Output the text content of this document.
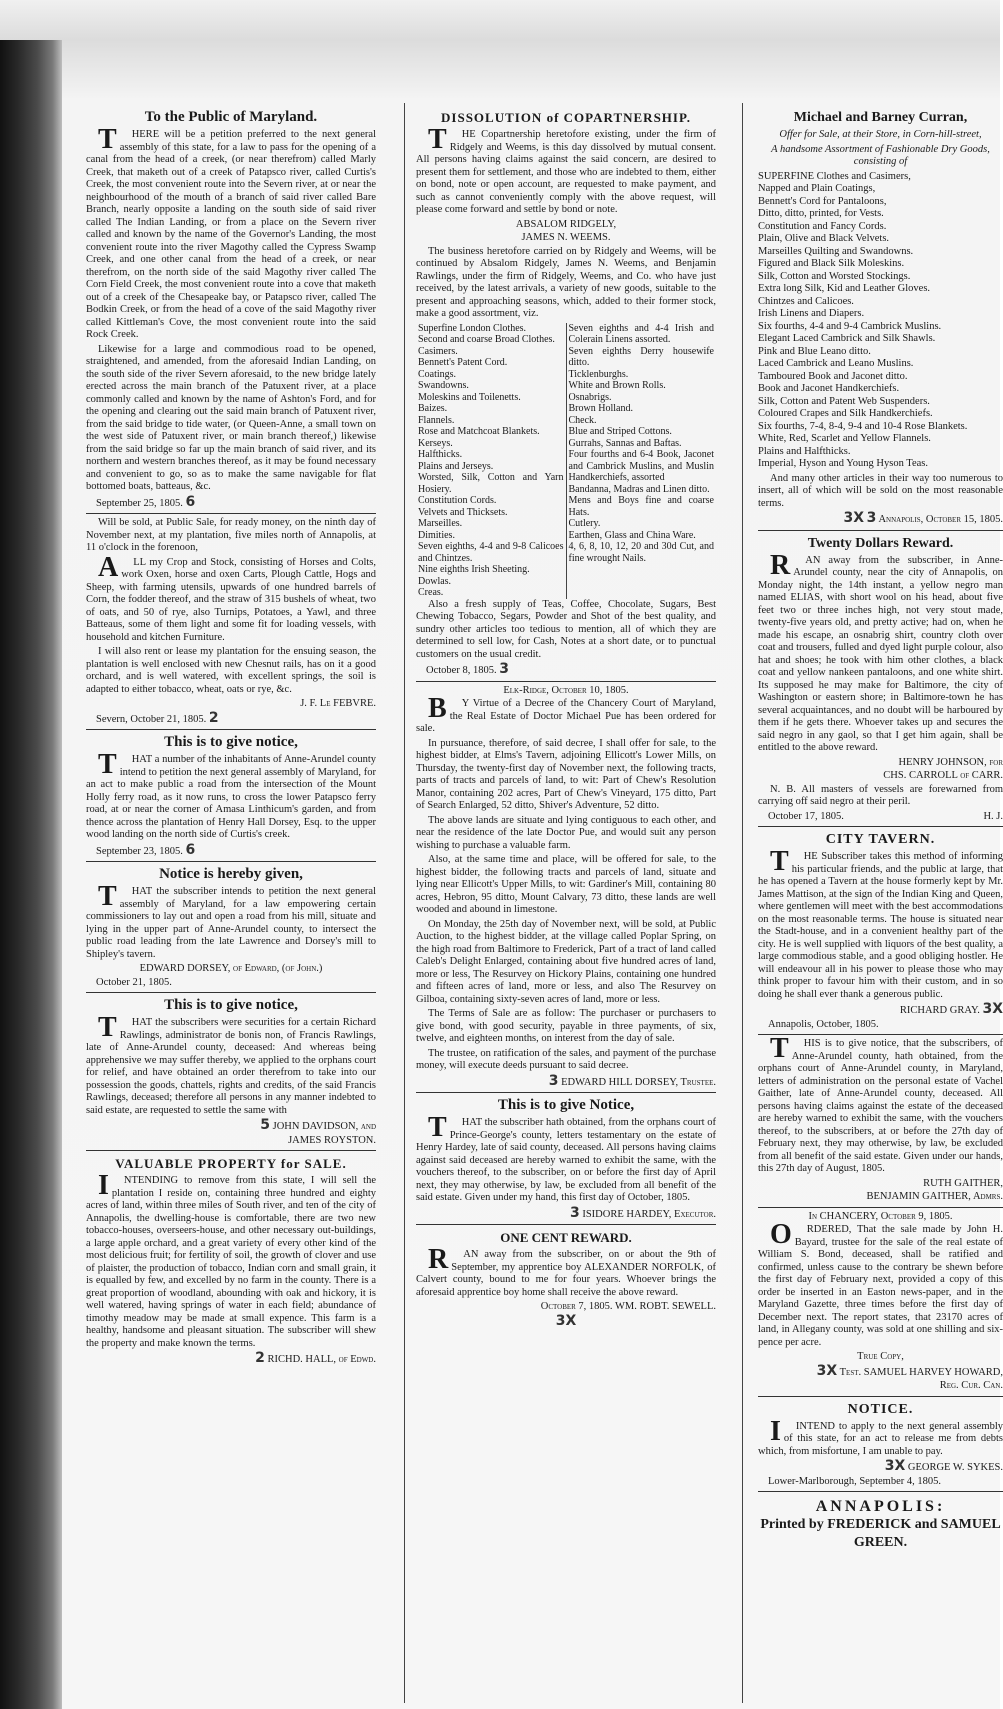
To the Public of Maryland.

THERE will be a petition preferred to the next general assembly of this state, for a law to pass for the opening of a canal from the head of a creek, (or near therefrom) called Marly Creek, that maketh out of a creek of Patapsco river, called Curtis's Creek, the most convenient route into the Severn river, at or near the neighbourhood of the mouth of a branch of said river called Bare Branch, nearly opposite a landing on the south side of said river called The Indian Landing, or from a place on the Severn river called and known by the name of the Governor's Landing, the most convenient route into the river Magothy called the Cypress Swamp Creek, and one other canal from the head of a creek, or near therefrom, on the north side of the said Magothy river called The Corn Field Creek, the most convenient route into a cove that maketh out of a creek of the Chesapeake bay, or Patapsco river, called The Bodkin Creek, or from the head of a cove of the said Magothy river called Kittleman's Cove, the most convenient route into the said Rock Creek.

Likewise for a large and commodious road to be opened, straightened, and amended, from the aforesaid Indian Landing, on the south side of the river Severn aforesaid, to the new bridge lately erected across the main branch of the Patuxent river, at a place commonly called and known by the name of Ashton's Ford, and for the opening and clearing out the said main branch of Patuxent river, from the said bridge to tide water, (or Queen-Anne, a small town on the west side of Patuxent river, or main branch thereof,) likewise from the said bridge so far up the main branch of said river, and its northern and western branches thereof, as it may be found necessary and convenient to go, so as to make the same navigable for flat bottomed boats, batteaus, &c.

September 25, 1805. 6

Will be sold, at Public Sale, for ready money, on the ninth day of November next, at my plantation, five miles north of Annapolis, at 11 o'clock in the forenoon,

ALL my Crop and Stock, consisting of Horses and Colts, work Oxen, horse and oxen Carts, Plough Cattle, Hogs and Sheep, with farming utensils, upwards of one hundred barrels of Corn, the fodder thereof, and the straw of 315 bushels of wheat, two of oats, and 50 of rye, also Turnips, Potatoes, a Yawl, and three Batteaus, some of them light and some fit for loading vessels, with household and kitchen Furniture.

I will also rent or lease my plantation for the ensuing season, the plantation is well enclosed with new Chesnut rails, has on it a good orchard, and is well watered, with excellent springs, the soil is adapted to either tobacco, wheat, oats or rye, &c.

J. F. Le FEBVRE.
Severn, October 21, 1805. 2
This is to give notice,

THAT a number of the inhabitants of Anne-Arundel county intend to petition the next general assembly of Maryland, for an act to make public a road from the intersection of the Mount Holly ferry road, as it now runs, to cross the lower Patapsco ferry road, at or near the corner of Amasa Linthicum's garden, and from thence across the plantation of Henry Hall Dorsey, Esq. to the upper wood landing on the north side of Curtis's creek.

September 23, 1805. 6
Notice is hereby given,

THAT the subscriber intends to petition the next general assembly of Maryland, for a law empowering certain commissioners to lay out and open a road from his mill, situate and lying in the upper part of Anne-Arundel county, to intersect the public road leading from the late Lawrence and Dorsey's mill to Shipley's tavern.

EDWARD DORSEY, of Edward, (of John.)
October 21, 1805.
This is to give notice,

THAT the subscribers were securities for a certain Richard Rawlings, administrator de bonis non, of Francis Rawlings, late of Anne-Arundel county, deceased: And whereas being apprehensive we may suffer thereby, we applied to the orphans court for relief, and have obtained an order therefrom to take into our possession the goods, chattels, rights and credits, of the said Francis Rawlings, deceased; therefore all persons in any manner indebted to said estate, are requested to settle the same with

5 JOHN DAVIDSON, and
JAMES ROYSTON.
VALUABLE PROPERTY for SALE.

INTENDING to remove from this state, I will sell the plantation I reside on, containing three hundred and eighty acres of land, within three miles of South river, and ten of the city of Annapolis, the dwelling-house is comfortable, there are two new tobacco-houses, overseers-house, and other necessary out-buildings, a large apple orchard, and a great variety of every other kind of the most delicious fruit; for fertility of soil, the growth of clover and use of plaister, the production of tobacco, Indian corn and small grain, it is equalled by few, and excelled by no farm in the county. There is a great proportion of woodland, abounding with oak and hickory, it is well watered, having springs of water in each field; abundance of timothy meadow may be made at small expence. This farm is a healthy, handsome and pleasant situation. The subscriber will shew the property and make known the terms.

2 RICHD. HALL, of Edwd.
DISSOLUTION of COPARTNERSHIP.

THE Copartnership heretofore existing, under the firm of Ridgely and Weems, is this day dissolved by mutual consent. All persons having claims against the said concern, are desired to present them for settlement, and those who are indebted to them, either on bond, note or open account, are requested to make payment, and such as cannot conveniently comply with the above request, will please come forward and settle by bond or note.

ABSALOM RIDGELY,
JAMES N. WEEMS.

The business heretofore carried on by Ridgely and Weems, will be continued by Absalom Ridgely, James N. Weems, and Benjamin Rawlings, under the firm of Ridgely, Weems, and Co. who have just received, by the latest arrivals, a variety of new goods, suitable to the present and approaching seasons, which, added to their former stock, make a good assortment, viz.

Superfine London Clothes.
Second and coarse Broad Clothes.
Casimers.
Bennett's Patent Cord.
Coatings.
Swandowns.
Moleskins and Toilenetts.
Baizes.
Flannels.
Rose and Matchcoat Blankets.
Kerseys.
Halfthicks.
Plains and Jerseys.
Worsted, Silk, Cotton and Yarn Hosiery.
Constitution Cords.
Velvets and Thicksets.
Marseilles.
Dimities.
Seven eighths, 4-4 and 9-8 Calicoes and Chintzes.
Nine eighths Irish Sheeting.
Dowlas.
Creas.

Seven eighths and 4-4 Irish and Colerain Linens assorted.
Seven eighths Derry housewife ditto.
Ticklenburghs.
White and Brown Rolls.
Osnabrigs.
Brown Holland.
Check.
Blue and Striped Cottons.
Gurrahs, Sannas and Baftas.
Four fourths and 6-4 Book, Jaconet and Cambrick Muslins, and Muslin Handkerchiefs, assorted
Bandanna, Madras and Linen ditto.
Mens and Boys fine and coarse Hats.
Cutlery.
Earthen, Glass and China Ware.
4, 6, 8, 10, 12, 20 and 30d Cut, and fine wrought Nails.

Also a fresh supply of Teas, Coffee, Chocolate, Sugars, Best Chewing Tobacco, Segars, Powder and Shot of the best quality, and sundry other articles too tedious to mention, all of which they are determined to sell low, for Cash, Notes at a short date, or to punctual customers on the usual credit.

October 8, 1805. 3
Elk-Ridge, October 10, 1805.

BY Virtue of a Decree of the Chancery Court of Maryland, the Real Estate of Doctor Michael Pue has been ordered for sale.

In pursuance, therefore, of said decree, I shall offer for sale, to the highest bidder, at Elms's Tavern, adjoining Ellicott's Lower Mills, on Thursday, the twenty-first day of November next, the following tracts, parts of tracts and parcels of land, to wit: Part of Chew's Resolution Manor, containing 202 acres, Part of Chew's Vineyard, 175 ditto, Part of Search Enlarged, 52 ditto, Shiver's Adventure, 52 ditto.

The above lands are situate and lying contiguous to each other, and near the residence of the late Doctor Pue, and would suit any person wishing to purchase a valuable farm.

Also, at the same time and place, will be offered for sale, to the highest bidder, the following tracts and parcels of land, situate and lying near Ellicott's Upper Mills, to wit: Gardiner's Mill, containing 80 acres, Hebron, 95 ditto, Mount Calvary, 73 ditto, these lands are well wooded and abound in limestone.

On Monday, the 25th day of November next, will be sold, at Public Auction, to the highest bidder, at the village called Poplar Spring, on the high road from Baltimore to Frederick, Part of a tract of land called Caleb's Delight Enlarged, containing about five hundred acres of land, more or less, The Resurvey on Hickory Plains, containing one hundred and fifteen acres of land, more or less, and also The Resurvey on Gilboa, containing sixty-seven acres of land, more or less.

The Terms of Sale are as follow: The purchaser or purchasers to give bond, with good security, payable in three payments, of six, twelve, and eighteen months, on interest from the day of sale.

The trustee, on ratification of the sales, and payment of the purchase money, will execute deeds pursuant to said decree.

3 EDWARD HILL DORSEY, Trustee.
This is to give Notice,

THAT the subscriber hath obtained, from the orphans court of Prince-George's county, letters testamentary on the estate of Henry Hardey, late of said county, deceased. All persons having claims against said deceased are hereby warned to exhibit the same, with the vouchers thereof, to the subscriber, on or before the first day of April next, they may otherwise, by law, be excluded from all benefit of the said estate. Given under my hand, this first day of October, 1805.

3 ISIDORE HARDEY, Executor.
ONE CENT REWARD.

RAN away from the subscriber, on or about the 9th of September, my apprentice boy ALEXANDER NORFOLK, of Calvert county, bound to me for four years. Whoever brings the aforesaid apprentice boy home shall receive the above reward.

October 7, 1805. WM. ROBT. SEWELL.
3X
Michael and Barney Curran,
Offer for Sale, at their Store, in Corn-hill-street,
A handsome Assortment of Fashionable Dry Goods, consisting of
SUPERFINE Clothes and Casimers,
Napped and Plain Coatings,
Bennett's Cord for Pantaloons,
Ditto, ditto, printed, for Vests.
Constitution and Fancy Cords.
Plain, Olive and Black Velvets.
Marseilles Quilting and Swandowns.
Figured and Black Silk Moleskins.
Silk, Cotton and Worsted Stockings.
Extra long Silk, Kid and Leather Gloves.
Chintzes and Calicoes.
Irish Linens and Diapers.
Six fourths, 4-4 and 9-4 Cambrick Muslins.
Elegant Laced Cambrick and Silk Shawls.
Pink and Blue Leano ditto.
Laced Cambrick and Leano Muslins.
Tamboured Book and Jaconet ditto.
Book and Jaconet Handkerchiefs.
Silk, Cotton and Patent Web Suspenders.
Coloured Crapes and Silk Handkerchiefs.
Six fourths, 7-4, 8-4, 9-4 and 10-4 Rose Blankets.
White, Red, Scarlet and Yellow Flannels.
Plains and Halfthicks.
Imperial, Hyson and Young Hyson Teas.

And many other articles in their way too numerous to insert, all of which will be sold on the most reasonable terms.

3X 3 Annapolis, October 15, 1805.
Twenty Dollars Reward.

RAN away from the subscriber, in Anne-Arundel county, near the city of Annapolis, on Monday night, the 14th instant, a yellow negro man named ELIAS, with short wool on his head, about five feet two or three inches high, not very stout made, twenty-five years old, and pretty active; had on, when he made his escape, an osnabrig shirt, country cloth over coat and trousers, fulled and dyed light purple colour, also hat and shoes; he took with him other clothes, a black coat and yellow nankeen pantaloons, and one white shirt. Its supposed he may make for Baltimore, the city of Washington or eastern shore; in Baltimore-town he has several acquaintances, and no doubt will be harboured by them if he gets there. Whoever takes up and secures the said negro in any gaol, so that I get him again, shall be entitled to the above reward.

HENRY JOHNSON, for
CHS. CARROLL of CARR.

N. B. All masters of vessels are forewarned from carrying off said negro at their peril.

October 17, 1805.	H. J.
CITY TAVERN.

THE Subscriber takes this method of informing his particular friends, and the public at large, that he has opened a Tavern at the house formerly kept by Mr. James Mattison, at the sign of the Indian King and Queen, where gentlemen will meet with the best accommodations on the most reasonable terms. The house is situated near the Stadt-house, and in a convenient healthy part of the city. He is well supplied with liquors of the best quality, a large commodious stable, and a good obliging hostler. He will endeavour all in his power to please those who may think proper to favour him with their custom, and in so doing he shall ever thank a generous public.

RICHARD GRAY. 3X
Annapolis, October, 1805.

THIS is to give notice, that the subscribers, of Anne-Arundel county, hath obtained, from the orphans court of Anne-Arundel county, in Maryland, letters of administration on the personal estate of Vachel Gaither, late of Anne-Arundel county, deceased. All persons having claims against the estate of the deceased are hereby warned to exhibit the same, with the vouchers thereof, to the subscribers, at or before the 27th day of February next, they may otherwise, by law, be excluded from all benefit of the said estate. Given under our hands, this 27th day of August, 1805.

RUTH GAITHER,
BENJAMIN GAITHER, Admrs.
In CHANCERY, October 9, 1805.

ORDERED, That the sale made by John H. Bayard, trustee for the sale of the real estate of William S. Bond, deceased, shall be ratified and confirmed, unless cause to the contrary be shewn before the first day of February next, provided a copy of this order be inserted in an Easton news-paper, and in the Maryland Gazette, three times before the first day of December next. The report states, that 23170 acres of land, in Allegany county, was sold at one shilling and six-pence per acre.

True Copy,
3X Test. SAMUEL HARVEY HOWARD,
Reg. Cur. Can.
NOTICE.

IINTEND to apply to the next general assembly of this state, for an act to release me from debts which, from misfortune, I am unable to pay.

3X GEORGE W. SYKES.
Lower-Marlborough, September 4, 1805.
ANNAPOLIS:
Printed by FREDERICK and SAMUEL
GREEN.
